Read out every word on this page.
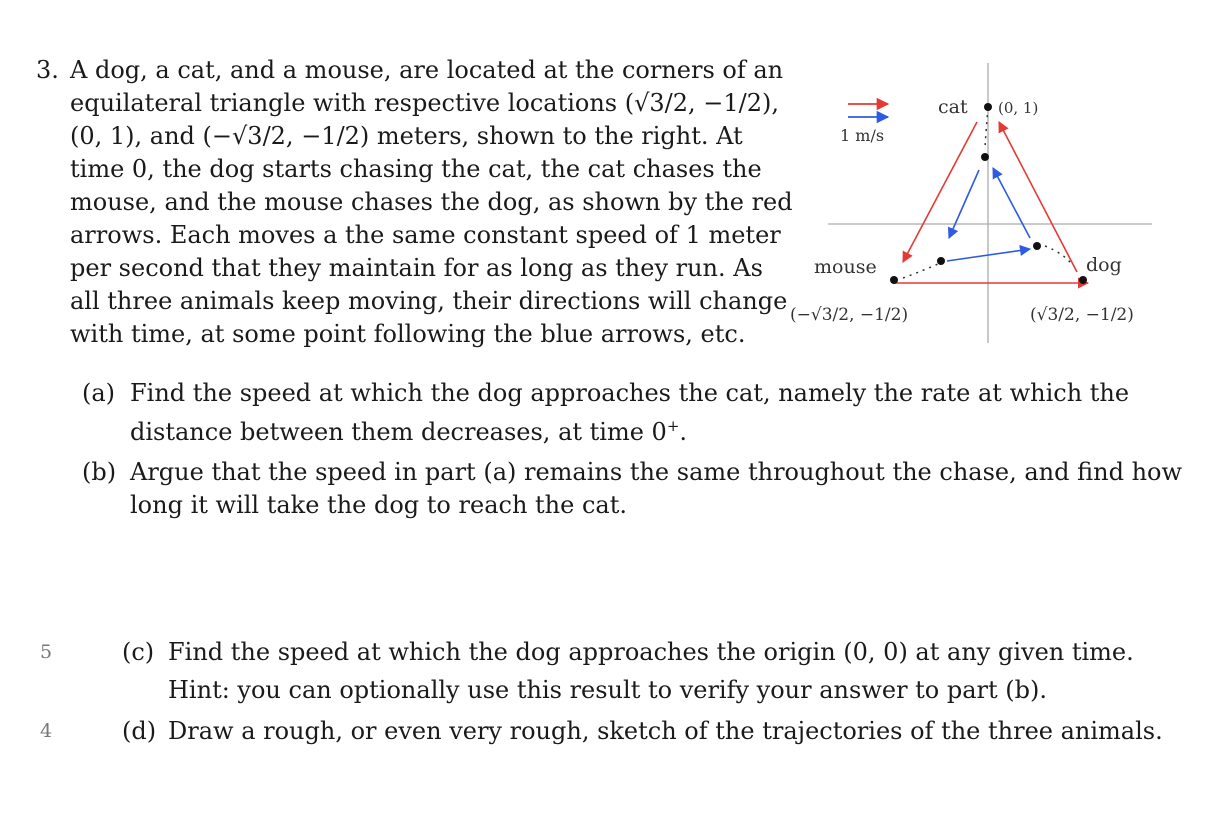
3. A dog, a cat, and a mouse, are located at the corners of an
equilateral triangle with respective locations (√3/2, −1/2),
(0, 1), and (−√3/2, −1/2) meters, shown to the right. At
time 0, the dog starts chasing the cat, the cat chases the
mouse, and the mouse chases the dog, as shown by the red
arrows. Each moves a the same constant speed of 1 meter
per second that they maintain for as long as they run. As
all three animals keep moving, their directions will change
with time, at some point following the blue arrows, etc.
1 m/s
cat (0, 1)
mouse
(−√3/2, −1/2)
dog
(√3/2, −1/2)
(a) Find the speed at which the dog approaches the cat, namely the rate at which the
distance between them decreases, at time 0+.
(b) Argue that the speed in part (a) remains the same throughout the chase, and find how
long it will take the dog to reach the cat.
5
4
(c) Find the speed at which the dog approaches the origin (0, 0) at any given time.
Hint: you can optionally use this result to verify your answer to part (b).
(d) Draw a rough, or even very rough, sketch of the trajectories of the three animals.
